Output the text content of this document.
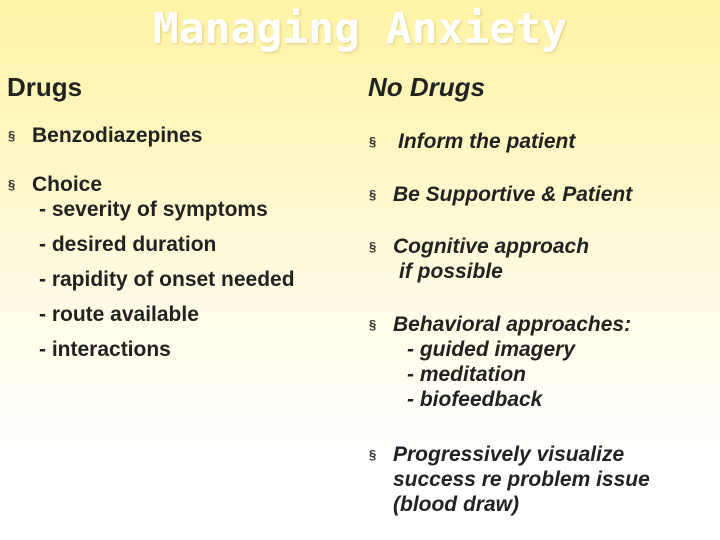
Managing Anxiety
Drugs	No Drugs
§ Benzodiazepines
§ Choice
- severity of symptoms
- desired duration
- rapidity of onset needed
- route available
- interactions
§ Inform the patient
§ Be Supportive & Patient
§ Cognitive approach
if possible
§ Behavioral approaches:
- guided imagery
- meditation
- biofeedback
§ Progressively visualize
success re problem issue
(blood draw)
